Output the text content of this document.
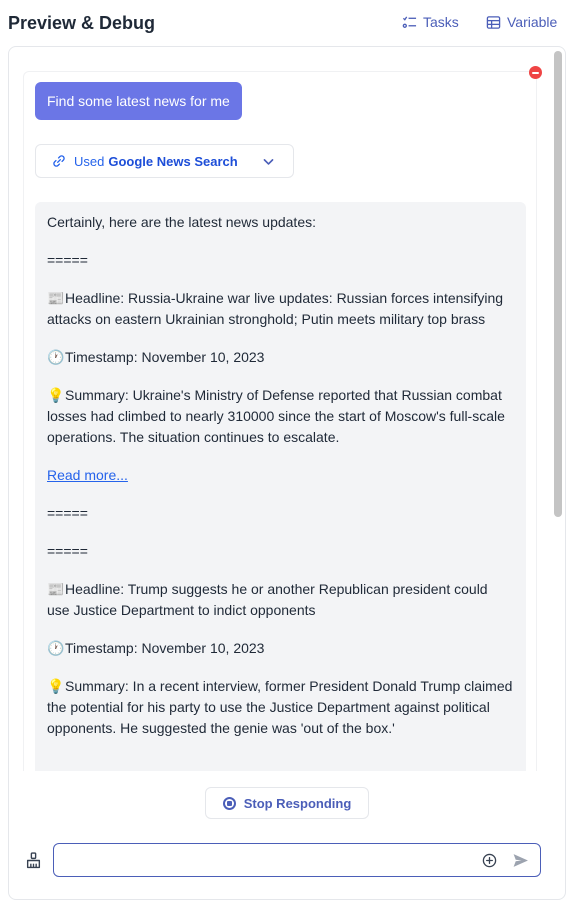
Preview & Debug	Tasks	Variable
Find some latest news for me
Used Google News Search

Certainly, here are the latest news updates:

=====

📰Headline: Russia-Ukraine war live updates: Russian forces intensifying attacks on eastern Ukrainian stronghold; Putin meets military top brass

🕐Timestamp: November 10, 2023

💡Summary: Ukraine's Ministry of Defense reported that Russian combat losses had climbed to nearly 310000 since the start of Moscow's full-scale operations. The situation continues to escalate.

Read more...

=====

=====

📰Headline: Trump suggests he or another Republican president could use Justice Department to indict opponents

🕐Timestamp: November 10, 2023

💡Summary: In a recent interview, former President Donald Trump claimed the potential for his party to use the Justice Department against political opponents. He suggested the genie was 'out of the box.'

Stop Responding
